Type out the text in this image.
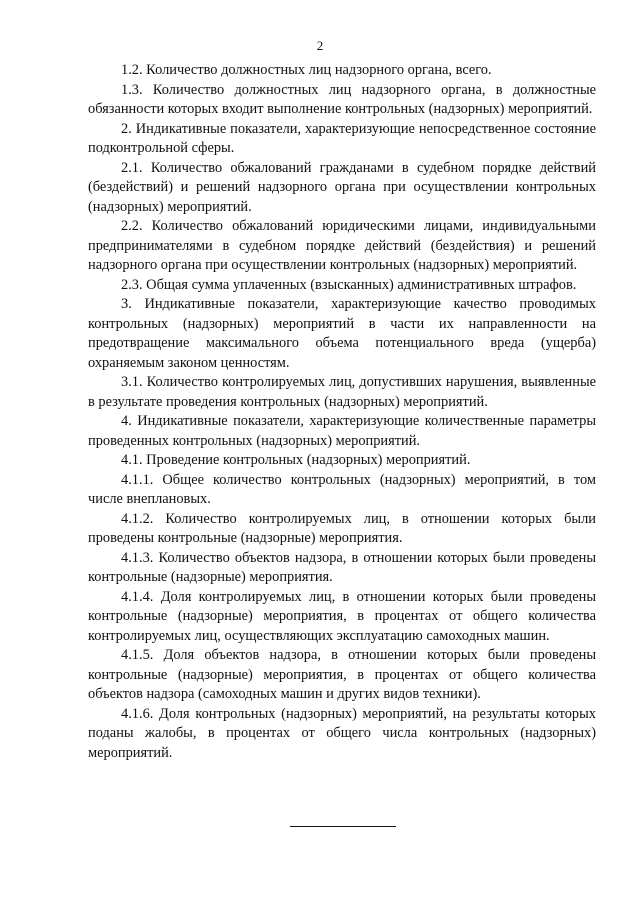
2

1.2. Количество должностных лиц надзорного органа, всего.

1.3. Количество должностных лиц надзорного органа, в должностные обязанности которых входит выполнение контрольных (надзорных) мероприятий.

2. Индикативные показатели, характеризующие непосредственное состояние подконтрольной сферы.

2.1. Количество обжалований гражданами в судебном порядке действий (бездействий) и решений надзорного органа при осуществлении контрольных (надзорных) мероприятий.

2.2. Количество обжалований юридическими лицами, индивидуальными предпринимателями в судебном порядке действий (бездействия) и решений надзорного органа при осуществлении контрольных (надзорных) мероприятий.

2.3. Общая сумма уплаченных (взысканных) административных штрафов.

3. Индикативные показатели, характеризующие качество проводимых контрольных (надзорных) мероприятий в части их направленности на предотвращение максимального объема потенциального вреда (ущерба) охраняемым законом ценностям.

3.1. Количество контролируемых лиц, допустивших нарушения, выявленные в результате проведения контрольных (надзорных) мероприятий.

4. Индикативные показатели, характеризующие количественные параметры проведенных контрольных (надзорных) мероприятий.

4.1. Проведение контрольных (надзорных) мероприятий.

4.1.1. Общее количество контрольных (надзорных) мероприятий, в том числе внеплановых.

4.1.2. Количество контролируемых лиц, в отношении которых были проведены контрольные (надзорные) мероприятия.

4.1.3. Количество объектов надзора, в отношении которых были проведены контрольные (надзорные) мероприятия.

4.1.4. Доля контролируемых лиц, в отношении которых были проведены контрольные (надзорные) мероприятия, в процентах от общего количества контролируемых лиц, осуществляющих эксплуатацию самоходных машин.

4.1.5. Доля объектов надзора, в отношении которых были проведены контрольные (надзорные) мероприятия, в процентах от общего количества объектов надзора (самоходных машин и других видов техники).

4.1.6. Доля контрольных (надзорных) мероприятий, на результаты которых поданы жалобы, в процентах от общего числа контрольных (надзорных) мероприятий.
